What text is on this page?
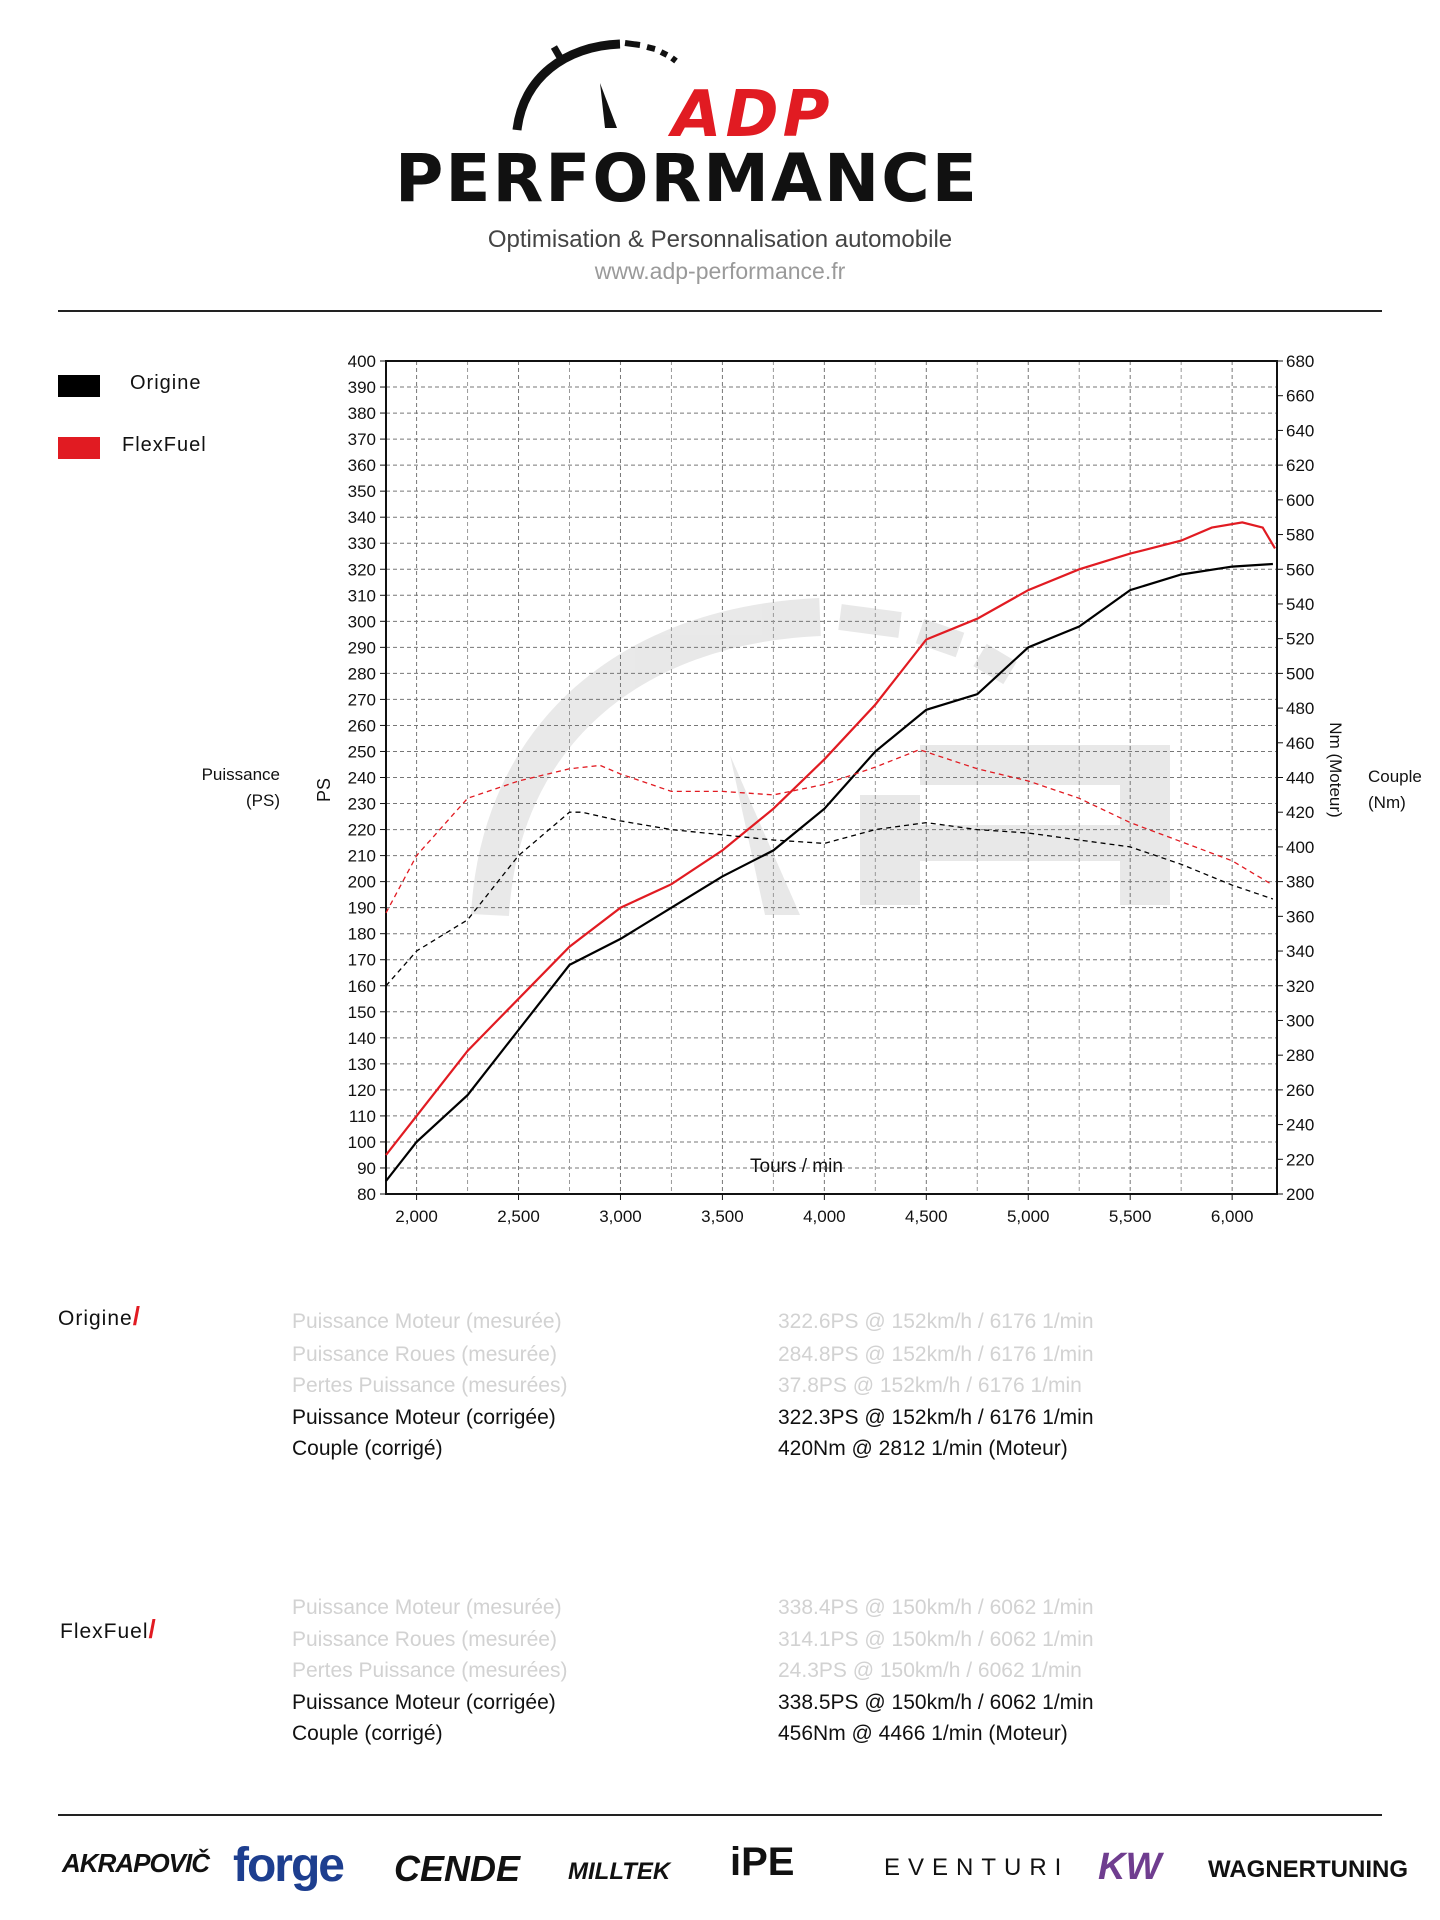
ADP
PERFORMANCE
Optimisation & Personnalisation automobile
www.adp-performance.fr
Origine
FlexFuel
Puissance
(PS)
Couple
(Nm)
80
90
100
110
120
130
140
150
160
170
180
190
200
210
220
230
240
250
260
270
280
290
300
310
320
330
340
350
360
370
380
390
400
200
220
240
260
280
300
320
340
360
380
400
420
440
460
480
500
520
540
560
580
600
620
640
660
680
2,000	2,500	3,000	3,500	4,000	4,500	5,000	5,500	6,000
Tours / min
PS	Nm (Moteur)
Origine/	Puissance Moteur (mesurée)	322.6PS @ 152km/h / 6176 1/min
Puissance Roues (mesurée)	284.8PS @ 152km/h / 6176 1/min
Pertes Puissance (mesurées)	37.8PS @ 152km/h / 6176 1/min
Puissance Moteur (corrigée)	322.3PS @ 152km/h / 6176 1/min
Couple (corrigé)	420Nm @ 2812 1/min (Moteur)
FlexFuel/
Puissance Moteur (mesurée)	338.4PS @ 150km/h / 6062 1/min
Puissance Roues (mesurée)	314.1PS @ 150km/h / 6062 1/min
Pertes Puissance (mesurées)	24.3PS @ 150km/h / 6062 1/min
Puissance Moteur (corrigée)	338.5PS @ 150km/h / 6062 1/min
Couple (corrigé)	456Nm @ 4466 1/min (Moteur)
AKRAPOVIČ forge CENDE MILLTEK iPE	EVENTURI KW WAGNERTUNING
